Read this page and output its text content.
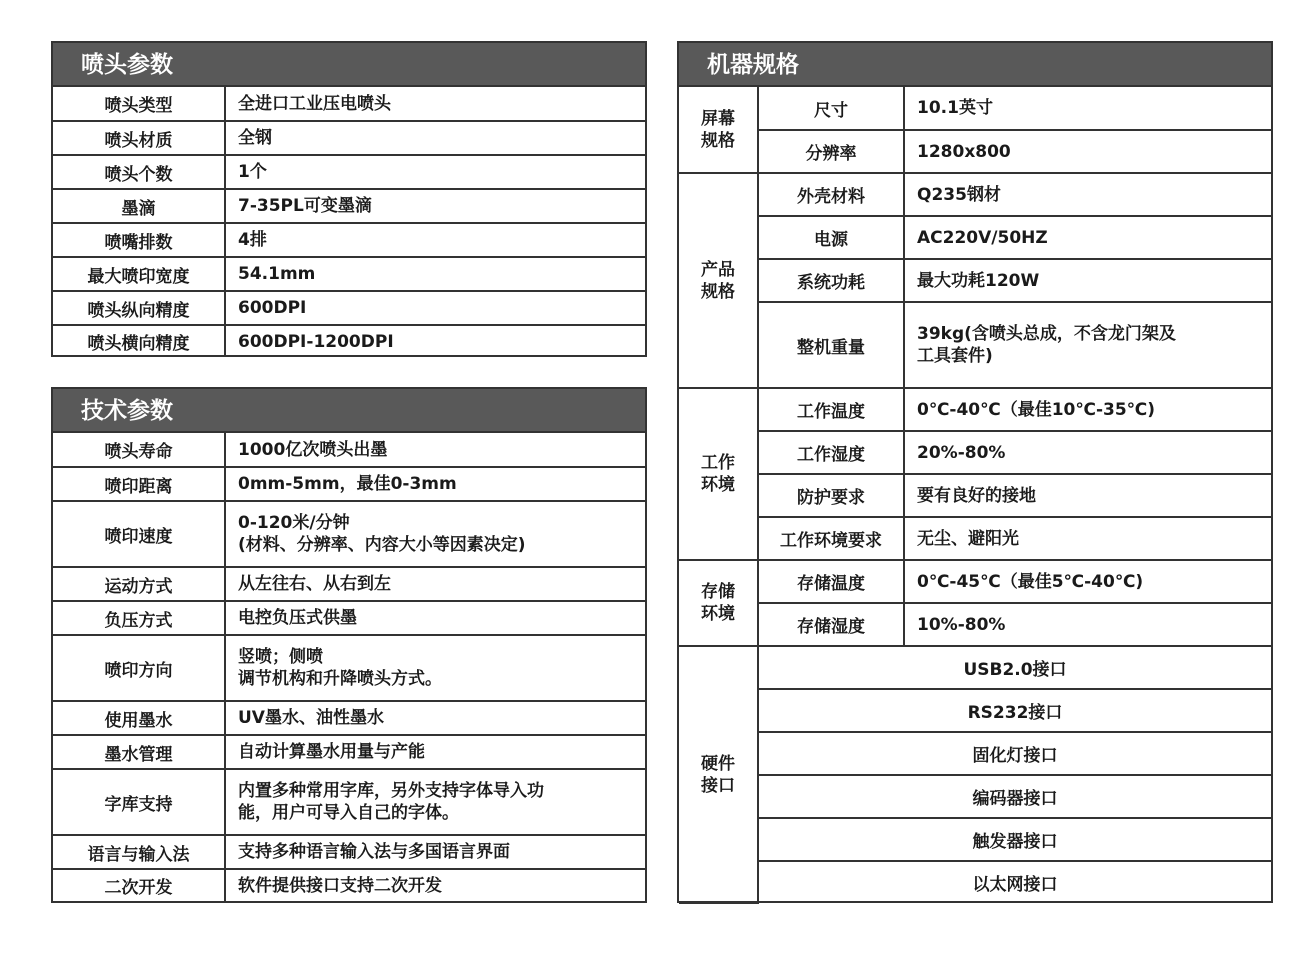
喷头参数
喷头类型	全进口工业压电喷头
喷头材质	全钢
喷头个数	1个
墨滴	7-35PL可变墨滴
喷嘴排数	4排
最大喷印宽度	54.1mm
喷头纵向精度	600DPI
喷头横向精度	600DPI-1200DPI
技术参数
喷头寿命	1000亿次喷头出墨
喷印距离	0mm-5mm，最佳0-3mm
喷印速度	0-120米/分钟
(材料、分辨率、内容大小等因素决定)

运动方式	从左往右、从右到左
负压方式	电控负压式供墨
喷印方向	竖喷；侧喷
调节机构和升降喷头方式。

使用墨水	UV墨水、油性墨水
墨水管理	自动计算墨水用量与产能
字库支持	内置多种常用字库，另外支持字体导入功
能，用户可导入自己的字体。

语言与输入法	支持多种语言输入法与多国语言界面
二次开发	软件提供接口支持二次开发
机器规格
屏幕
规格	尺寸	10.1英寸
	分辨率	1280x800

产品
规格	外壳材料	Q235钢材
	电源	AC220V/50HZ
	系统功耗	最大功耗120W
	整机重量	39kg(含喷头总成，不含龙门架及
工具套件)

工作
环境	工作温度	0℃-40℃（最佳10℃-35℃)
	工作湿度	20%-80%
	防护要求	要有良好的接地
	工作环境要求	无尘、避阳光

存储
环境	存储温度	0℃-45℃（最佳5℃-40℃)
	存储湿度	10%-80%

硬件
接口	USB2.0接口	
	RS232接口	
	固化灯接口	
	编码器接口	
	触发器接口	
	以太网接口	
